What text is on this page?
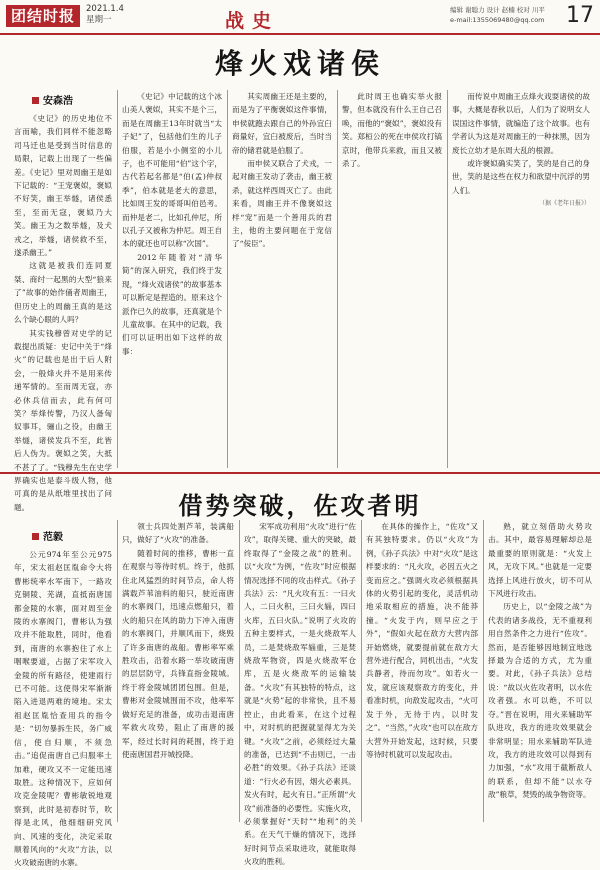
团结时报	2021.1.4
星期一	战史	编辑 谢聪力 设计 赵楠 校对 川平
e-mail:1355069480@qq.com 17
烽火戏诸侯
安森浩

《史记》的历史地位不言而喻，我们同样不能忽略司马迁也是受到当时信息的局限，记载上出现了一些偏差。《史记》里对周幽王是如下记载的：“王宠褒姒，褒姒不好笑，幽王举燧，诸侯悉至，至而无寇，褒姒乃大笑。幽王为之数举燧，及犬戎之，举燧，诸侯救不至，遂杀幽王。”

这就是被我们连同夏桀、商纣一起黑的大型“狼来了”故事的始作俑者周幽王，但历史上的周幽王真的是这么个缺心眼的人吗？

其实钱穆曾对史学的记载提出质疑：史记中关于“烽火”的记载也是出于后人附会，一般烽火并不是用来传递军情的。至而周无寇，亦必休兵信而去，此有何可笑？举烽传警，乃汉人备匈奴事耳，骊山之役，由幽王举燧，诸侯发兵不至，此皆后人伪为。褒姒之笑，大抵不甚了了。“钱穆先生在史学界确实也是泰斗级人物，他可真的是从纸堆里找出了问题。

《史记》中记载的这个冰山美人褒姒，其实不是个三，而是在周幽王13年时就当“太子妃”了，包括他们生的儿子伯服，若是小小侧室的小儿子，也不可能用“伯”这个字，古代若起名都是“伯(孟)仲叔季”，伯本就是老大的意思，比如周王发的哥哥叫伯邑考。而仲是老二，比如孔仲尼，所以孔子又被称为仲尼。周王自本的就还也可以称“次国”。

2012年随着对“清华简”的深入研究，我们终于发现，“烽火戏诸侯”的故事基本可以断定是捏造的。原来这个派作已久的故事，还真就是个儿童故事。在其中的记载，我们可以证明出如下这样的故事：

其实周幽王还是主要的，而是为了平衡褒姒这件事情，申侯就跑去跟自己的外孙宜臼商量好，宜臼被废后，当时当帝的储君就是伯服了。

而申侯又联合了犬戎，一起对幽王发动了袭击，幽王被杀，就这样西周灭亡了。由此来看，周幽王并不像褒姒这样“宠”而是一个善用兵的君主，他的主要问题在于宠信了“佞臣”。

此时周王也确实举火报警，但本就没有什么王自己召唤，而他的“褒姒”，褒姒没有笑。郑桓公的死在申侯攻打镐京时，他带兵来救，而且又被杀了。

而传说中周幽王点烽火戏耍诸侯的故事，大概是春秋以后，人们为了说明女人误国这件事情，就编造了这个故事。也有学者认为这是对周幽王的一种抹黑，因为废长立幼才是东周大乱的根源。

或许褒姒确实笑了，笑的是自己的身世，笑的是这些在权力和欲望中沉浮的男人们。

（据《老年日报》）
借势突破，佐攻者明
范毅

公元974年至公元975年，宋太祖赵匡胤命令大将曹彬统率水军南下，一路攻克铜陵、芜湖，直抵南唐国都金陵的水寨，面对周至金陵的水寨阀门，曹彬认为强攻并不能取胜，同时，他看到，南唐的水寨抱住了水上咽喉要道，占据了宋军攻入金陵的所有路径，使建雨行已不可能。这使得宋军渐渐陷入进退两难的境地。宋太祖赵匡胤恰查用兵的指令是：“切勿暴拆生民，务广威信，使自归顺，不须急击。”追促南唐自己归服率土加难，硬攻又不一定能迅速取胜。这种情况下，应如何攻克金陵呢？曹彬敏锐地观察到，此时是初春时节，吹得是北风，他细细研究风向、风速的变化，决定采取顺着风向的“火攻”方法，以火攻破南唐的水寨。

领士兵四处割芦苇，装满船只，做好了“火攻”的准备。

随着时间的推移，曹彬一直在观察与等待时机。终于，他抓住北风猛烈的时间节点，命人将满载芦苇油料的船只，驶近南唐的水寨阀门，迅速点燃船只，着火的船只在风的助力下冲入南唐的水寨阀门，并顺风而下，烧毁了许多南唐的战船。曹彬率军乘胜攻击，沿着水路一举攻破南唐的层层防守，兵锋直指金陵城。终于将金陵城团团包围。但是，曹彬对金陵城围而不攻，他率军做好充足的准备，成功击退南唐军救火攻势，阻止了南唐的援军，经过长时间的耗围，终于迫使南唐国君开城投降。

宋军成功利用“火攻”进行“佐攻”，取得关键、重大的突破，最终取得了“金陵之战”的胜利。以“火攻”为例，“佐攻”时应根据情况选择不同的攻击样式。《孙子兵法》云：“凡火攻有五：一曰火人，二曰火积，三曰火辎，四曰火库，五曰火队。”说明了火攻的五种主要样式，一是火烧敌军人员，二是焚烧敌军辎重，三是焚烧敌军物资，四是火烧敌军仓库，五是火烧敌军的运输装备。“火攻”有其独特的特点，这就是“火势”起的非常快，且不易控止，由此看来，在这个过程中，对时机的把握就显得尤为关键。“火攻”之前，必须经过大量的准备，已达到“不击则已，一击必胜”的效果。《孙子兵法》还谈道：“行火必有因，烟火必素具。发火有时，起火有日。”正所谓“火攻”前准备的必要性。实施火攻，必须掌握好“天时”“地利”的关系。在天气干燥的情况下，选择好时间节点采取进攻，就能取得火攻的胜利。

在具体的操作上，“佐攻”又有其独特要求。仍以“火攻”为例，《孙子兵法》中对“火攻”是这样要求的：“凡火攻，必因五火之变而应之。”强调火攻必须根据具体的火势引起的变化，灵活机动地采取相应的措施，决不能莽撞。“火发于内，则早应之于外”，“假如火起在敌方大营内部开始燃烧，就要提前就在敌方大营外进行配合，同机出击，“火发兵静者，待而勿攻”。如若火一发，就应该观察敌方的变化，并看准时机，向敌发起攻击，“火可发于外，无待于内，以时发之”。“当然，”火攻“也可以在敌方大营外开始发起，这时候，只要等待时机就可以发起攻击。

熟，就立刻借助火势攻击。其中，最容易理解却总是最重要的原则就是：“火发上风，无攻下风。”也就是一定要选择上风进行放火，切不可从下风进行攻击。

历史上，以“金陵之战”为代表的诸多战役，无不重视利用自然条件之力进行“佐攻”。然而，是否能够因地制宜地选择最为合适的方式，尤为重要。对此，《孙子兵法》总结说：“故以火佐攻者明，以水佐攻者强。水可以绝，不可以夺。”晋在说明，用火来辅助军队进攻，我方的进攻效果就会非常明显；用水来辅助军队进攻，我方的进攻效可以得到有力加强，“水”攻用于截断敌人的联系，但却不能“以水夺敌”粮草，焚毁的战争物资等。
